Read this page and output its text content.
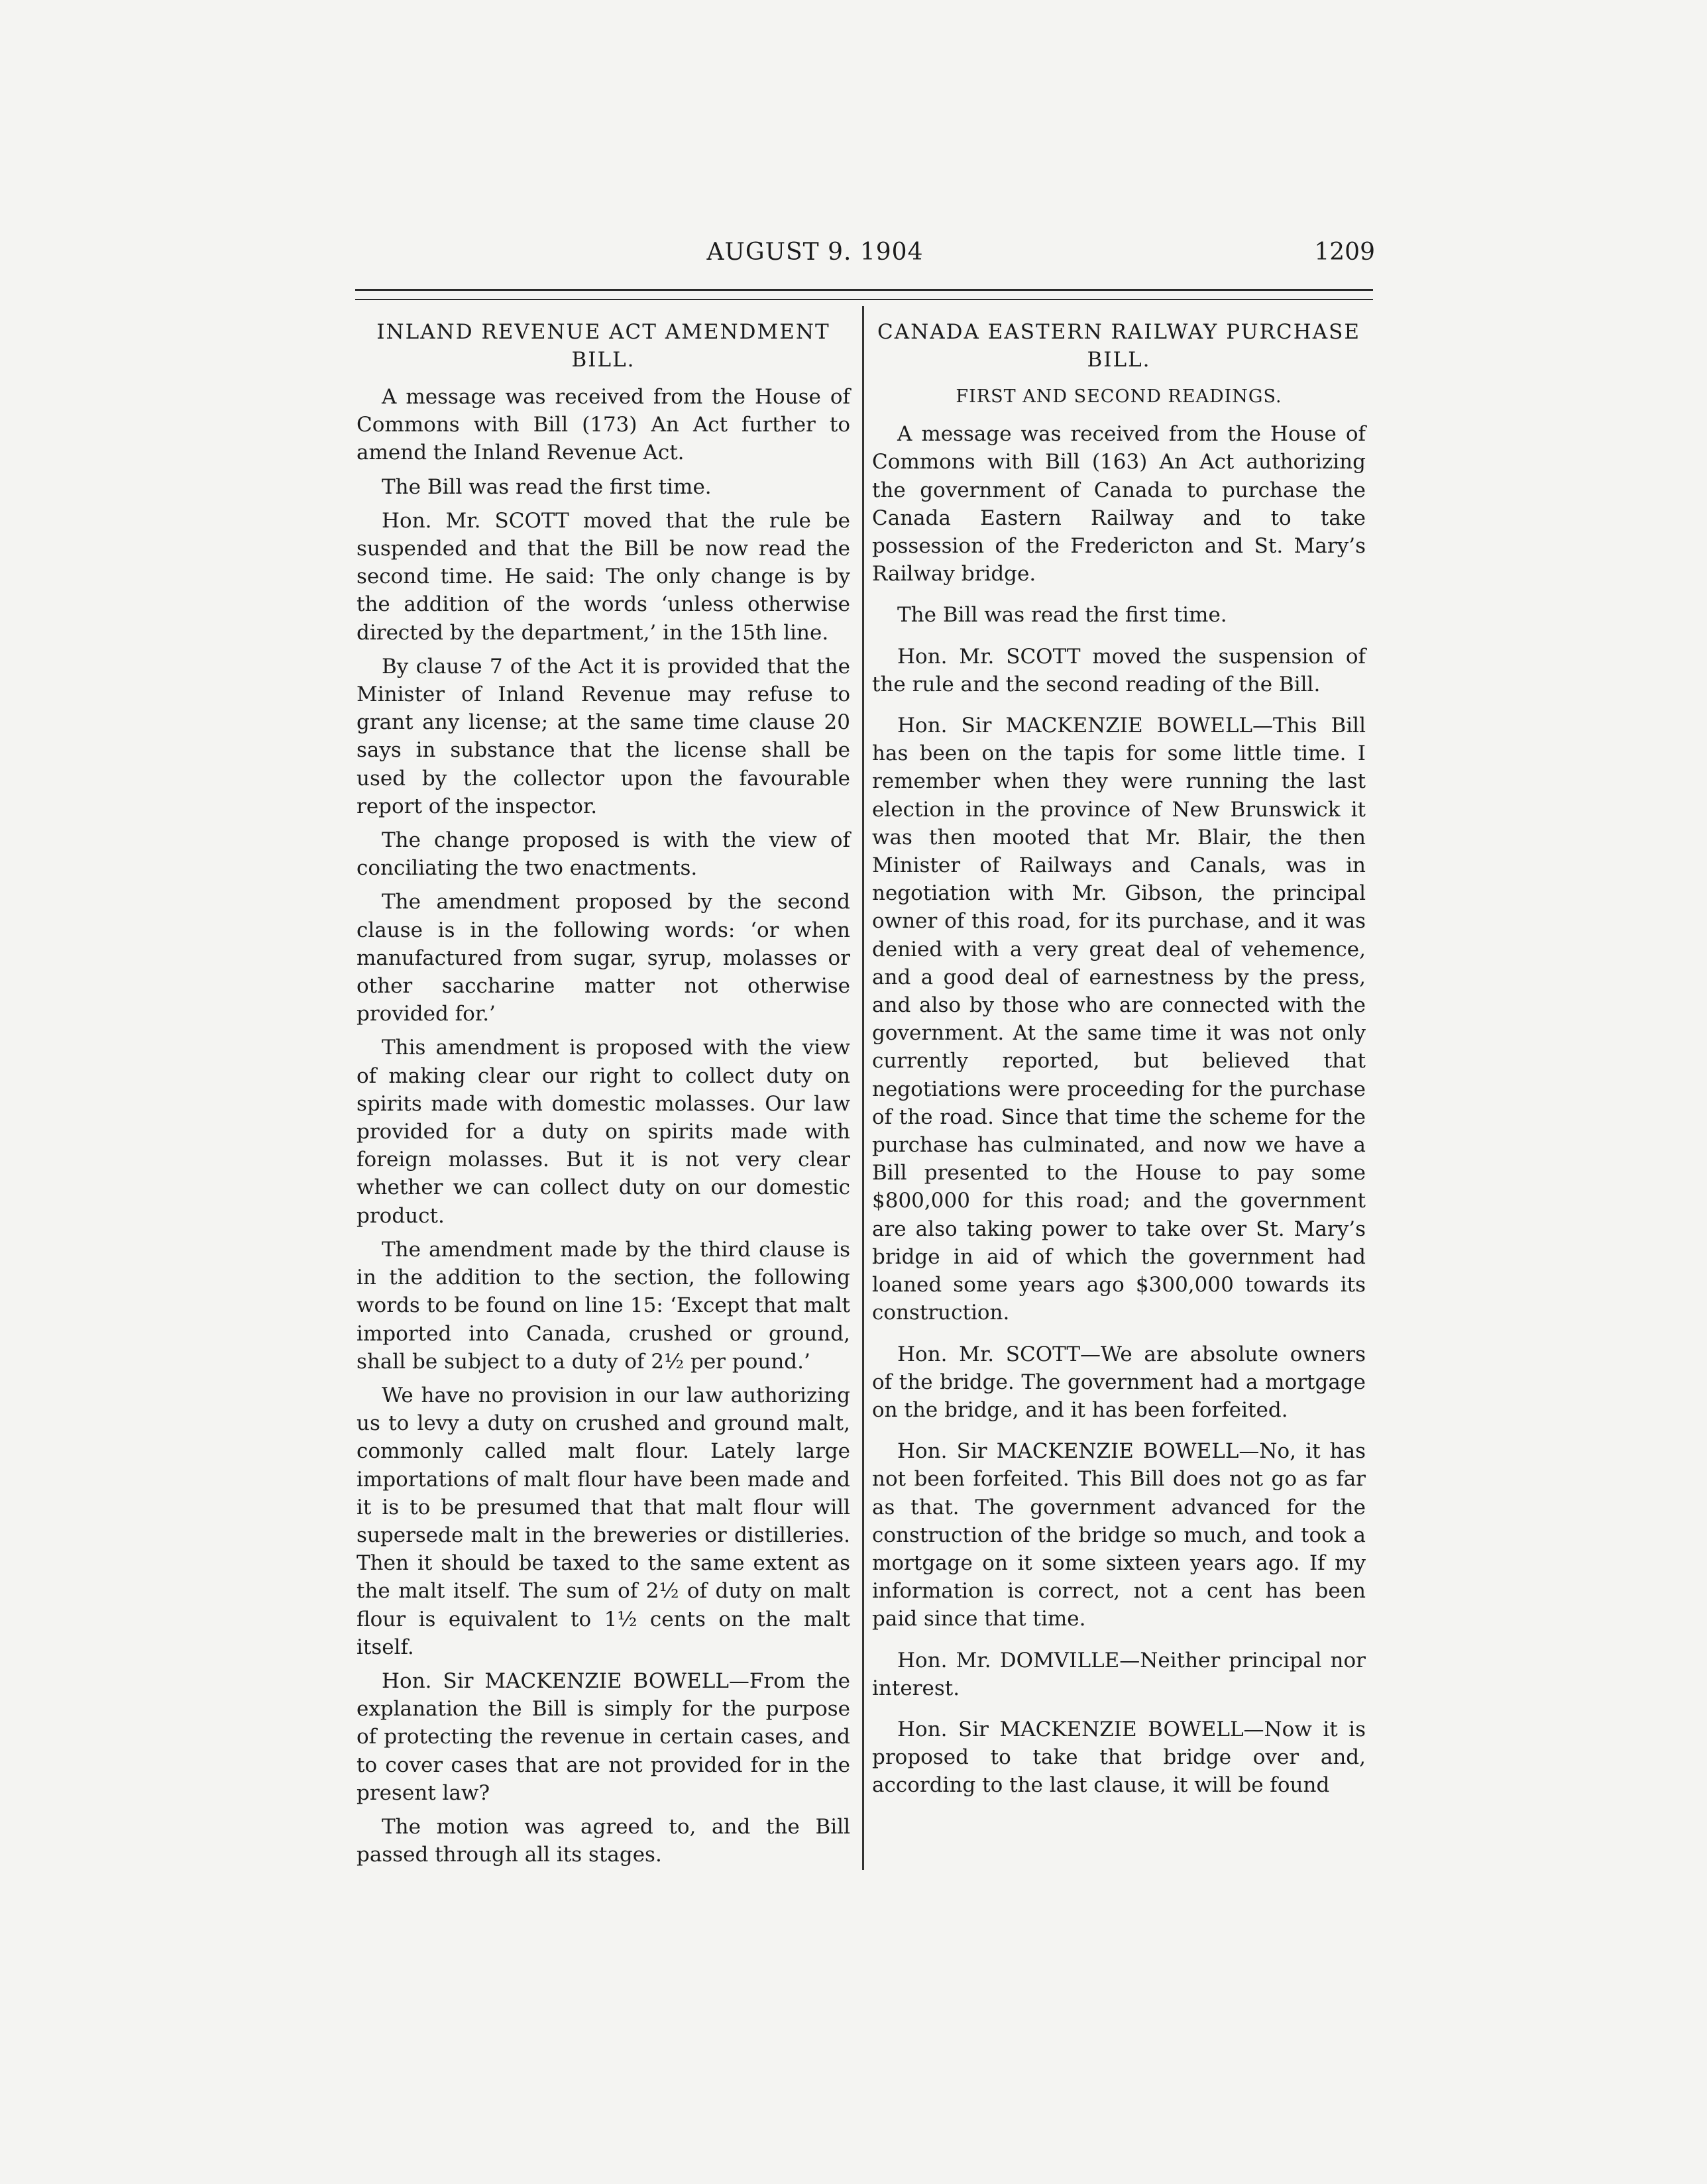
AUGUST 9. 1904	1209
INLAND REVENUE ACT AMENDMENT BILL.

A message was received from the House of Commons with Bill (173) An Act further to amend the Inland Revenue Act.

The Bill was read the first time.

Hon. Mr. SCOTT moved that the rule be suspended and that the Bill be now read the second time. He said: The only change is by the addition of the words ‘unless otherwise directed by the department,’ in the 15th line.

By clause 7 of the Act it is provided that the Minister of Inland Revenue may refuse to grant any license; at the same time clause 20 says in substance that the license shall be used by the collector upon the favourable report of the inspector.

The change proposed is with the view of conciliating the two enactments.

The amendment proposed by the second clause is in the following words: ‘or when manufactured from sugar, syrup, molasses or other saccharine matter not otherwise provided for.’

This amendment is proposed with the view of making clear our right to collect duty on spirits made with domestic molasses. Our law provided for a duty on spirits made with foreign molasses. But it is not very clear whether we can collect duty on our domestic product.

The amendment made by the third clause is in the addition to the section, the following words to be found on line 15: ‘Except that malt imported into Canada, crushed or ground, shall be subject to a duty of 2½ per pound.’

We have no provision in our law authorizing us to levy a duty on crushed and ground malt, commonly called malt flour. Lately large importations of malt flour have been made and it is to be presumed that that malt flour will supersede malt in the breweries or distilleries. Then it should be taxed to the same extent as the malt itself. The sum of 2½ of duty on malt flour is equivalent to 1½ cents on the malt itself.

Hon. Sir MACKENZIE BOWELL—From the explanation the Bill is simply for the purpose of protecting the revenue in certain cases, and to cover cases that are not provided for in the present law?

The motion was agreed to, and the Bill passed through all its stages.

CANADA EASTERN RAILWAY PURCHASE BILL.
FIRST AND SECOND READINGS.

A message was received from the House of Commons with Bill (163) An Act authorizing the government of Canada to purchase the Canada Eastern Railway and to take possession of the Fredericton and St. Mary’s Railway bridge.

The Bill was read the first time.

Hon. Mr. SCOTT moved the suspension of the rule and the second reading of the Bill.

Hon. Sir MACKENZIE BOWELL—This Bill has been on the tapis for some little time. I remember when they were running the last election in the province of New Brunswick it was then mooted that Mr. Blair, the then Minister of Railways and Canals, was in negotiation with Mr. Gibson, the principal owner of this road, for its purchase, and it was denied with a very great deal of vehemence, and a good deal of earnestness by the press, and also by those who are connected with the government. At the same time it was not only currently reported, but believed that negotiations were proceeding for the purchase of the road. Since that time the scheme for the purchase has culminated, and now we have a Bill presented to the House to pay some $800,000 for this road; and the government are also taking power to take over St. Mary’s bridge in aid of which the government had loaned some years ago $300,000 towards its construction.

Hon. Mr. SCOTT—We are absolute owners of the bridge. The government had a mortgage on the bridge, and it has been forfeited.

Hon. Sir MACKENZIE BOWELL—No, it has not been forfeited. This Bill does not go as far as that. The government advanced for the construction of the bridge so much, and took a mortgage on it some sixteen years ago. If my information is correct, not a cent has been paid since that time.

Hon. Mr. DOMVILLE—Neither principal nor interest.

Hon. Sir MACKENZIE BOWELL—Now it is proposed to take that bridge over and, according to the last clause, it will be found
